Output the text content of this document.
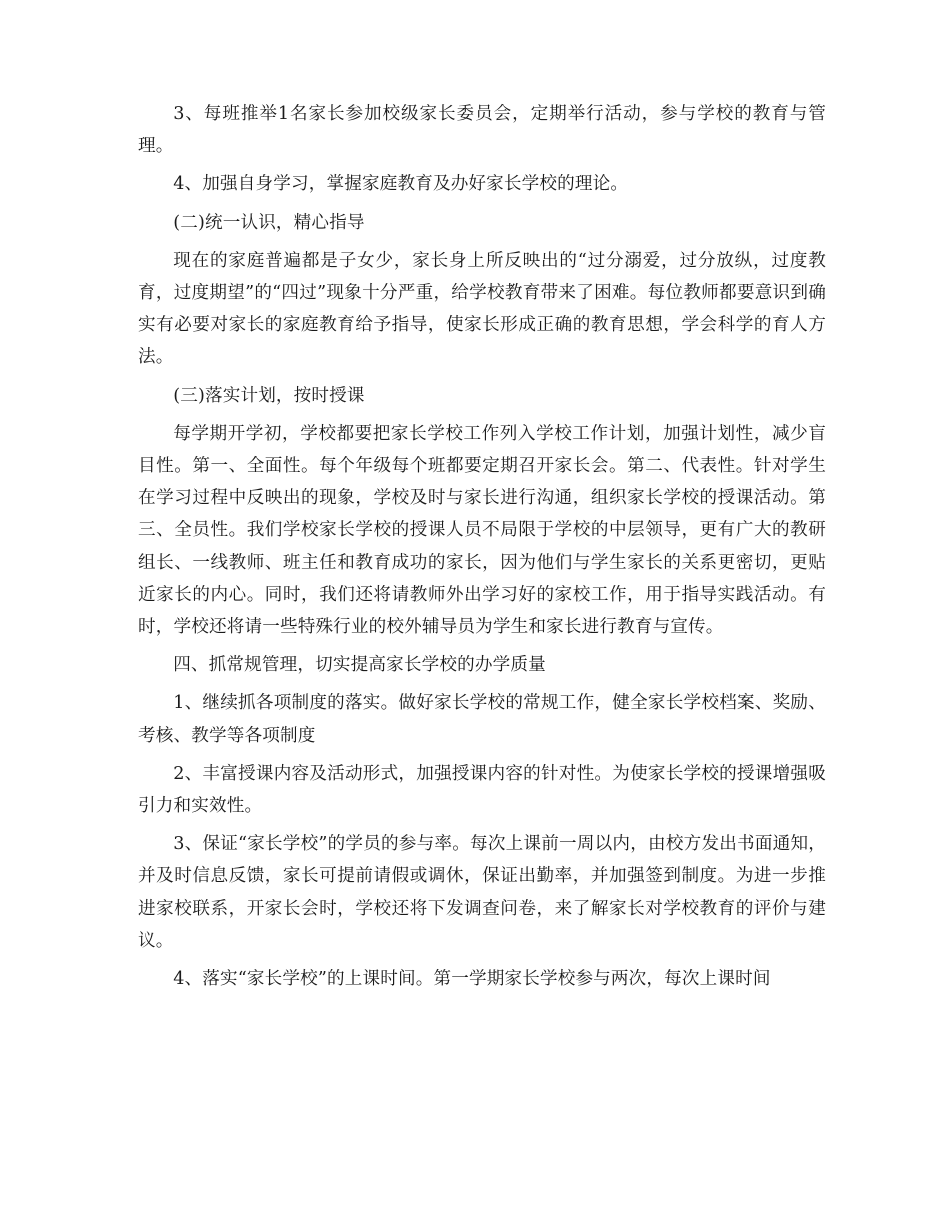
3、每班推举1名家长参加校级家长委员会，定期举行活动，参与学校的教育与管理。

4、加强自身学习，掌握家庭教育及办好家长学校的理论。

(二)统一认识，精心指导

现在的家庭普遍都是子女少，家长身上所反映出的“过分溺爱，过分放纵，过度教育，过度期望”的“四过”现象十分严重，给学校教育带来了困难。每位教师都要意识到确实有必要对家长的家庭教育给予指导，使家长形成正确的教育思想，学会科学的育人方法。

(三)落实计划，按时授课

每学期开学初，学校都要把家长学校工作列入学校工作计划，加强计划性，减少盲目性。第一、全面性。每个年级每个班都要定期召开家长会。第二、代表性。针对学生在学习过程中反映出的现象，学校及时与家长进行沟通，组织家长学校的授课活动。第三、全员性。我们学校家长学校的授课人员不局限于学校的中层领导，更有广大的教研组长、一线教师、班主任和教育成功的家长，因为他们与学生家长的关系更密切，更贴近家长的内心。同时，我们还将请教师外出学习好的家校工作，用于指导实践活动。有时，学校还将请一些特殊行业的校外辅导员为学生和家长进行教育与宣传。

四、抓常规管理，切实提高家长学校的办学质量

1、继续抓各项制度的落实。做好家长学校的常规工作，健全家长学校档案、奖励、考核、教学等各项制度

2、丰富授课内容及活动形式，加强授课内容的针对性。为使家长学校的授课增强吸引力和实效性。

3、保证“家长学校”的学员的参与率。每次上课前一周以内，由校方发出书面通知，并及时信息反馈，家长可提前请假或调休，保证出勤率，并加强签到制度。为进一步推进家校联系，开家长会时，学校还将下发调查问卷，来了解家长对学校教育的评价与建议。

4、落实“家长学校”的上课时间。第一学期家长学校参与两次，每次上课时间
